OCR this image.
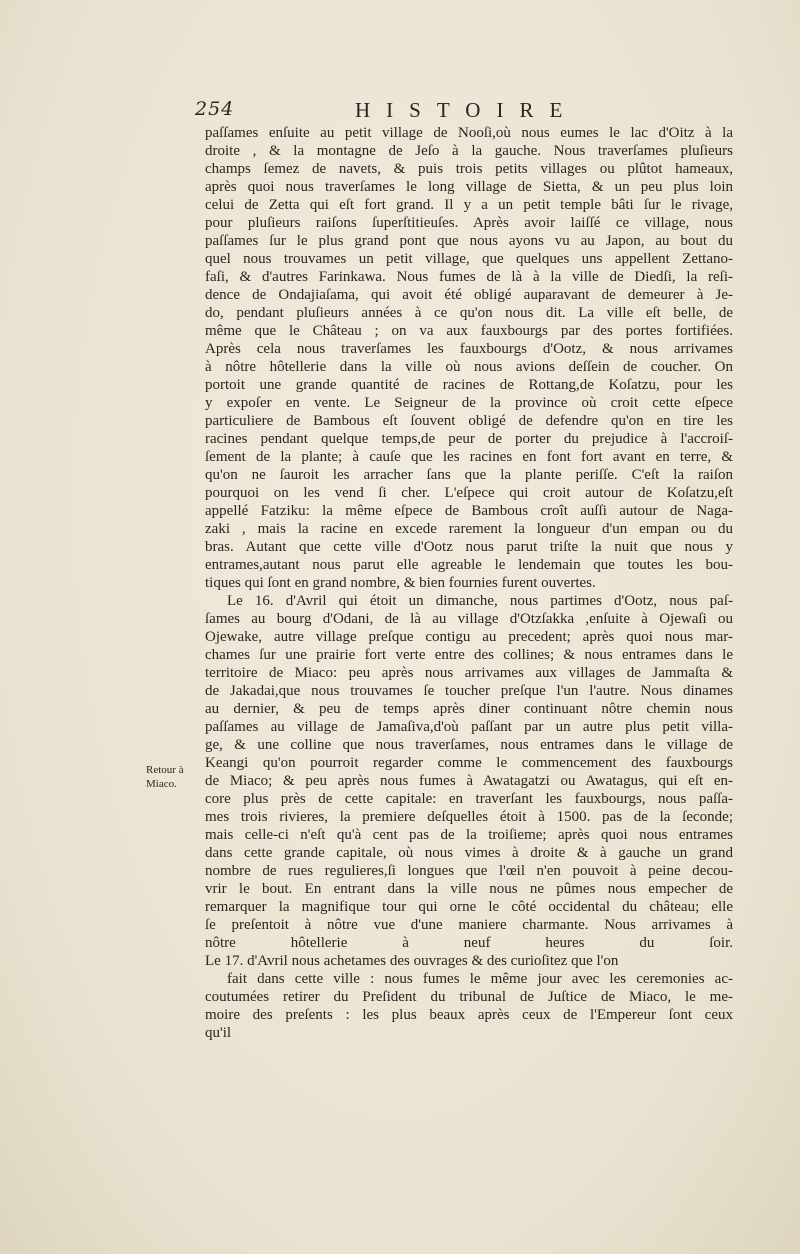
254	HISTOIRE
Retour à
Miaco.
paſſames enſuite au petit village de Nooſi,où nous eumes le lac d'Oitz à la
droite , & la montagne de Jeſo à la gauche. Nous traverſames pluſieurs
champs ſemez de navets, & puis trois petits villages ou plûtot hameaux,
après quoi nous traverſames le long village de Sietta, & un peu plus loin
celui de Zetta qui eſt fort grand. Il y a un petit temple bâti ſur le rivage,
pour pluſieurs raiſons ſuperſtitieuſes. Après avoir laiſſé ce village, nous
paſſames ſur le plus grand pont que nous ayons vu au Japon, au bout du
quel nous trouvames un petit village, que quelques uns appellent Zettano-
faſi, & d'autres Farinkawa. Nous fumes de là à la ville de Diedſi, la reſi-
dence de Ondajiaſama, qui avoit été obligé auparavant de demeurer à Je-
do, pendant pluſieurs années à ce qu'on nous dit. La ville eſt belle, de
même que le Château ; on va aux fauxbourgs par des portes fortifiées.
Après cela nous traverſames les fauxbourgs d'Ootz, & nous arrivames
à nôtre hôtellerie dans la ville où nous avions deſſein de coucher. On
portoit une grande quantité de racines de Rottang,de Koſatzu, pour les
y expoſer en vente. Le Seigneur de la province où croit cette eſpece
particuliere de Bambous eſt ſouvent obligé de defendre qu'on en tire les
racines pendant quelque temps,de peur de porter du prejudice à l'accroiſ-
ſement de la plante; à cauſe que les racines en font fort avant en terre, &
qu'on ne ſauroit les arracher ſans que la plante periſſe. C'eſt la raiſon
pourquoi on les vend ſi cher. L'eſpece qui croit autour de Koſatzu,eſt
appellé Fatziku: la même eſpece de Bambous croît auſſi autour de Naga-
zaki , mais la racine en excede rarement la longueur d'un empan ou du
bras. Autant que cette ville d'Ootz nous parut triſte la nuit que nous y
entrames,autant nous parut elle agreable le lendemain que toutes les bou-
tiques qui ſont en grand nombre, & bien fournies furent ouvertes.
Le 16. d'Avril qui étoit un dimanche, nous partimes d'Ootz, nous paſ-
ſames au bourg d'Odani, de là au village d'Otzſakka ,enſuite à Ojewaſi ou
Ojewake, autre village preſque contigu au precedent; après quoi nous mar-
chames ſur une prairie fort verte entre des collines; & nous entrames dans le
territoire de Miaco: peu après nous arrivames aux villages de Jammaſta &
de Jakadai,que nous trouvames ſe toucher preſque l'un l'autre. Nous dinames
au dernier, & peu de temps après diner continuant nôtre chemin nous
paſſames au village de Jamaſiva,d'où paſſant par un autre plus petit villa-
ge, & une colline que nous traverſames, nous entrames dans le village de
Keangi qu'on pourroit regarder comme le commencement des fauxbourgs
de Miaco; & peu après nous fumes à Awatagatzi ou Awatagus, qui eſt en-
core plus près de cette capitale: en traverſant les fauxbourgs, nous paſſa-
mes trois rivieres, la premiere deſquelles étoit à 1500. pas de la ſeconde;
mais celle-ci n'eſt qu'à cent pas de la troiſieme; après quoi nous entrames
dans cette grande capitale, où nous vimes à droite & à gauche un grand
nombre de rues regulieres,ſi longues que l'œil n'en pouvoit à peine decou-
vrir le bout. En entrant dans la ville nous ne pûmes nous empecher de
remarquer la magnifique tour qui orne le côté occidental du château; elle
ſe preſentoit à nôtre vue d'une maniere charmante. Nous arrivames à
nôtre hôtellerie à neuf heures du ſoir.
Le 17. d'Avril nous achetames des ouvrages & des curioſitez que l'on
fait dans cette ville : nous fumes le même jour avec les ceremonies ac-
coutumées retirer du Preſident du tribunal de Juſtice de Miaco, le me-
moire des preſents : les plus beaux après ceux de l'Empereur ſont ceux
qu'il
